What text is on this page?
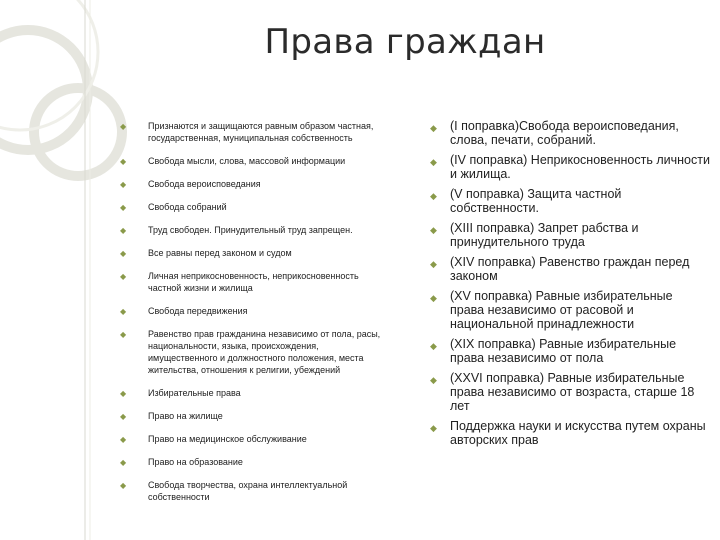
Права граждан
◆ Признаются и защищаются равным образом частная, государственная, муниципальная собственность
◆ Свобода мысли, слова, массовой информации
◆ Свобода вероисповедания
◆ Свобода собраний
◆ Труд свободен. Принудительный труд запрещен.
◆ Все равны перед законом и судом
◆ Личная неприкосновенность, неприкосновенность частной жизни и жилища
◆ Свобода передвижения
◆ Равенство прав гражданина независимо от пола, расы, национальности, языка, происхождения, имущественного и должностного положения, места жительства, отношения к религии, убеждений
◆ Избирательные права
◆ Право на жилище
◆ Право на медицинское обслуживание
◆ Право на образование
◆ Свобода творчества, охрана интеллектуальной собственности
◆ (I поправка)Свобода вероисповедания, слова, печати, собраний.
◆ (IV поправка) Неприкосновенность личности и жилища.
◆ (V поправка) Защита частной собственности.
◆ (XIII поправка) Запрет рабства и принудительного труда
◆ (XIV поправка) Равенство граждан перед законом
◆ (XV поправка) Равные избирательные права независимо от расовой и национальной принадлежности
◆ (XIX поправка) Равные избирательные права независимо от пола
◆ (XXVI поправка) Равные избирательные права независимо от возраста, старше 18 лет
◆ Поддержка науки и искусства путем охраны авторских прав
